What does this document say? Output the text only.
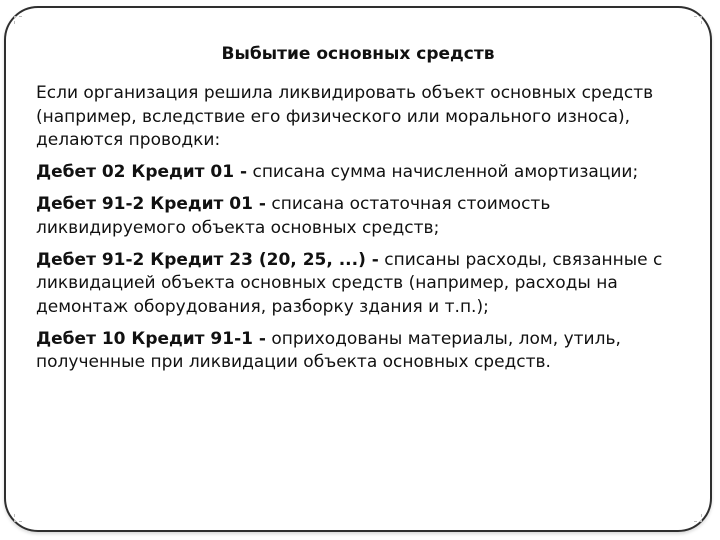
Выбытие основных средств

Если организация решила ликвидировать объект основных средств (например, вследствие его физического или морального износа), делаются проводки:

Дебет 02 Кредит 01 - списана сумма начисленной амортизации;

Дебет 91-2 Кредит 01 - списана остаточная стоимость ликвидируемого объекта основных средств;

Дебет 91-2 Кредит 23 (20, 25, ...) - списаны расходы, связанные с ликвидацией объекта основных средств (например, расходы на демонтаж оборудования, разборку здания и т.п.);

Дебет 10 Кредит 91-1 - оприходованы материалы, лом, утиль, полученные при ликвидации объекта основных средств.
